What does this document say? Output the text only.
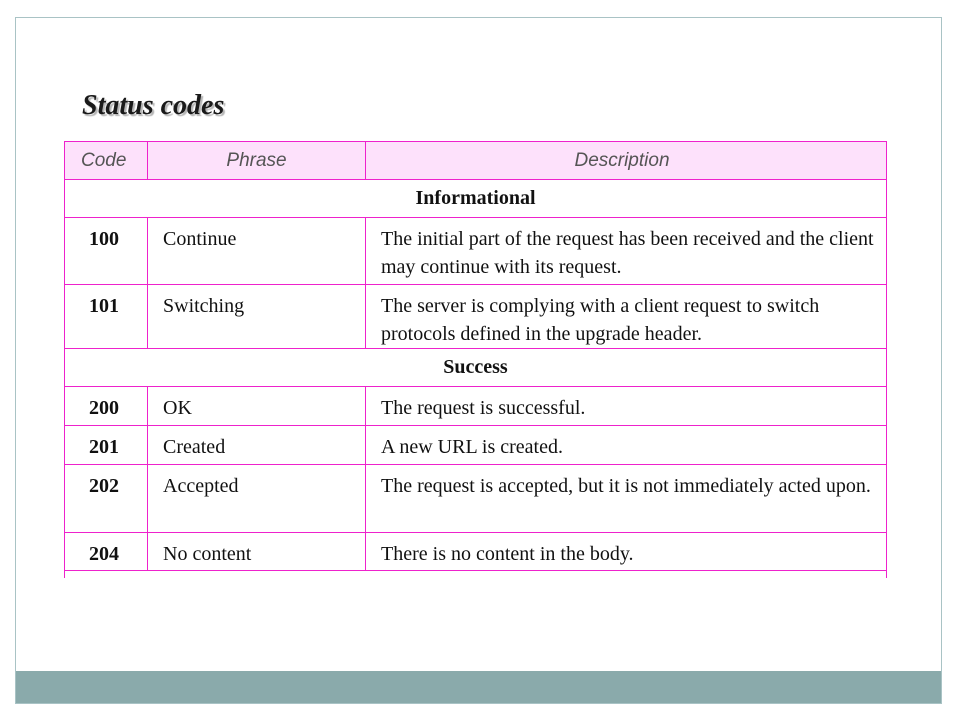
Status codes
Code	Phrase	Description
Informational
100	Continue	The initial part of the request has been received and the client may continue with its request.
101	Switching	The server is complying with a client request to switch protocols defined in the upgrade header.
Success
200	OK	The request is successful.
201	Created	A new URL is created.
202	Accepted	The request is accepted, but it is not immediately acted upon.
204	No content	There is no content in the body.
